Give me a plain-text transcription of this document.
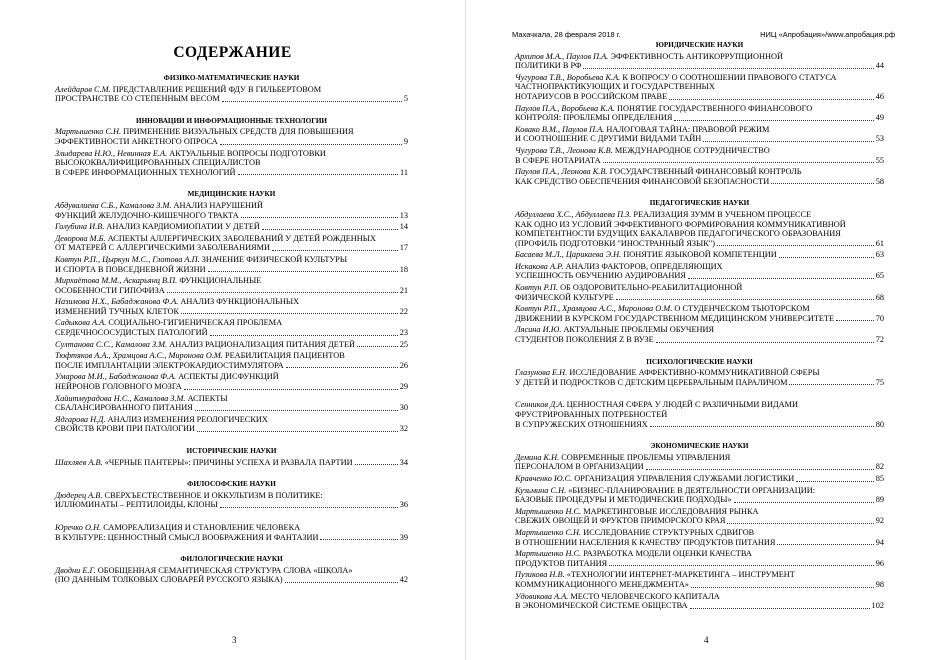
СОДЕРЖАНИЕ
ФИЗИКО-МАТЕМАТИЧЕСКИЕ НАУКИ
Алейдаров С.М. ПРЕДСТАВЛЕНИЕ РЕШЕНИЙ ФДУ В ГИЛЬБЕРТОВОМ
ПРОСТРАНСТВЕ СО СТЕПЕННЫМ ВЕСОМ	5
ИННОВАЦИИ И ИНФОРМАЦИОННЫЕ ТЕХНОЛОГИИ
Мартышенко С.Н. ПРИМЕНЕНИЕ ВИЗУАЛЬНЫХ СРЕДСТВ ДЛЯ ПОВЫШЕНИЯ
ЭФФЕКТИВНОСТИ АНКЕТНОГО ОПРОСА	9
Злыдарева Н.Ю., Невинная Е.А. АКТУАЛЬНЫЕ ВОПРОСЫ ПОДГОТОВКИ
ВЫСОКОКВАЛИФИЦИРОВАННЫХ СПЕЦИАЛИСТОВ
В СФЕРЕ ИНФОРМАЦИОННЫХ ТЕХНОЛОГИЙ	11
МЕДИЦИНСКИЕ НАУКИ
Абдувалиева С.Б., Камалова З.М. АНАЛИЗ НАРУШЕНИЙ
ФУНКЦИЙ ЖЕЛУДОЧНО-КИШЕЧНОГО ТРАКТА	13
Голубина И.В. АНАЛИЗ КАРДИОМИОПАТИИ У ДЕТЕЙ	14
Деворова М.Б. АСПЕКТЫ АЛЛЕРГИЧЕСКИХ ЗАБОЛЕВАНИЙ У ДЕТЕЙ РОЖДЕННЫХ
ОТ МАТЕРЕЙ С АЛЛЕРГИЧЕСКИМИ ЗАБОЛЕВАНИЯМИ	17
Ковтун Р.П., Цыркун М.С., Глотова А.П. ЗНАЧЕНИЕ ФИЗИЧЕСКОЙ КУЛЬТУРЫ
И СПОРТА В ПОВСЕДНЕВНОЙ ЖИЗНИ	18
Мирхаётова М.М., Аскарьянц В.П. ФУНКЦИОНАЛЬНЫЕ
ОСОБЕННОСТИ ГИПОФИЗА	21
Назимова Н.Х., Бабаджанова Ф.А. АНАЛИЗ ФУНКЦИОНАЛЬНЫХ
ИЗМЕНЕНИЙ ТУЧНЫХ КЛЕТОК	22
Садыкова А.А. СОЦИАЛЬНО-ГИГИЕНИЧЕСКАЯ ПРОБЛЕМА
СЕРДЕЧНОСОСУДИСТЫХ ПАТОЛОГИЙ	23
Султанова С.С., Камалова З.М. АНАЛИЗ РАЦИОНАЛИЗАЦИЯ ПИТАНИЯ ДЕТЕЙ	25
Тюфтяков А.А., Храмцова А.С., Миронова О.М. РЕАБИЛИТАЦИЯ ПАЦИЕНТОВ
ПОСЛЕ ИМПЛАНТАЦИИ ЭЛЕКТРОКАРДИОСТИМУЛЯТОРА	26
Умарова М.И., Бабаджанова Ф.А. АСПЕКТЫ ДИСФУНКЦИЙ
НЕЙРОНОВ ГОЛОВНОГО МОЗГА	29
Хайитмурадова Н.С., Камалова З.М. АСПЕКТЫ
СБАЛАНСИРОВАННОГО ПИТАНИЯ	30
Ядгарова Н.Д. АНАЛИЗ ИЗМЕНЕНИЯ РЕОЛОГИЧЕСКИХ
СВОЙСТВ КРОВИ ПРИ ПАТОЛОГИИ	32
ИСТОРИЧЕСКИЕ НАУКИ
Шахляев А.В. «ЧЕРНЫЕ ПАНТЕРЫ»: ПРИЧИНЫ УСПЕХА И РАЗВАЛА ПАРТИИ	34
ФИЛОСОФСКИЕ НАУКИ
Дюдерец А.В. СВЕРХЪЕСТЕСТВЕННОЕ И ОККУЛЬТИЗМ В ПОЛИТИКЕ:
ИЛЛЮМИНАТЫ – РЕПТИЛОИДЫ, КЛОНЫ	36
Юречко О.Н. САМОРЕАЛИЗАЦИЯ И СТАНОВЛЕНИЕ ЧЕЛОВЕКА
В КУЛЬТУРЕ: ЦЕННОСТНЫЙ СМЫСЛ ВООБРАЖЕНИЯ И ФАНТАЗИИ	39
ФИЛОЛОГИЧЕСКИЕ НАУКИ
Дводни Е.Г. ОБОБЩЕННАЯ СЕМАНТИЧЕСКАЯ СТРУКТУРА СЛОВА «ШКОЛА»
(ПО ДАННЫМ ТОЛКОВЫХ СЛОВАРЕЙ РУССКОГО ЯЗЫКА)	42
3
Махачкала, 28 февраля 2018 г.	НИЦ «Апробация»/www.апробация.рф
ЮРИДИЧЕСКИЕ НАУКИ
Архипов М.А., Паулов П.А. ЭФФЕКТИВНОСТЬ АНТИКОРРУПЦИОННОЙ
ПОЛИТИКИ В РФ	44
Чугурова Т.В., Воробьева К.А. К ВОПРОСУ О СООТНОШЕНИИ ПРАВОВОГО СТАТУСА
ЧАСТНОПРАКТИКУЮЩИХ И ГОСУДАРСТВЕННЫХ
НОТАРИУСОВ В РОССИЙСКОМ ПРАВЕ	46
Паулов П.А., Воробьева К.А. ПОНЯТИЕ ГОСУДАРСТВЕННОГО ФИНАНСОВОГО
КОНТРОЛЯ: ПРОБЛЕМЫ ОПРЕДЕЛЕНИЯ	49
Ковако В.М., Паулов П.А. НАЛОГОВАЯ ТАЙНА: ПРАВОВОЙ РЕЖИМ
И СООТНОШЕНИЕ С ДРУГИМИ ВИДАМИ ТАЙН	53
Чугурова Т.В., Леонова К.В. МЕЖДУНАРОДНОЕ СОТРУДНИЧЕСТВО
В СФЕРЕ НОТАРИАТА	55
Паулов П.А., Леонова К.В. ГОСУДАРСТВЕННЫЙ ФИНАНСОВЫЙ КОНТРОЛЬ
КАК СРЕДСТВО ОБЕСПЕЧЕНИЯ ФИНАНСОВОЙ БЕЗОПАСНОСТИ	58
ПЕДАГОГИЧЕСКИЕ НАУКИ
Абдуллаева Х.С., Абдуллаева П.З. РЕАЛИЗАЦИЯ ЗУММ В УЧЕБНОМ ПРОЦЕССЕ
КАК ОДНО ИЗ УСЛОВИЙ ЭФФЕКТИВНОГО ФОРМИРОВАНИЯ КОММУНИКАТИВНОЙ
КОМПЕТЕНТНОСТИ БУДУЩИХ БАКАЛАВРОВ ПЕДАГОГИЧЕСКОГО ОБРАЗОВАНИЯ
(ПРОФИЛЬ ПОДГОТОВКИ "ИНОСТРАННЫЙ ЯЗЫК")	61
Басаева М.Л., Царикаева Э.Н. ПОНЯТИЕ ЯЗЫКОВОЙ КОМПЕТЕНЦИИ	63
Искакова А.Р. АНАЛИЗ ФАКТОРОВ, ОПРЕДЕЛЯЮЩИХ
УСПЕШНОСТЬ ОБУЧЕНИЮ АУДИРОВАНИЯ	65
Ковтун Р.П. ОБ ОЗДОРОВИТЕЛЬНО-РЕАБИЛИТАЦИОННОЙ
ФИЗИЧЕСКОЙ КУЛЬТУРЕ	68
Ковтун Р.П., Храмцова А.С., Миронова О.М. О СТУДЕНЧЕСКОМ ТЬЮТОРСКОМ
ДВИЖЕНИИ В КУРСКОМ ГОСУДАРСТВЕННОМ МЕДИЦИНСКОМ УНИВЕРСИТЕТЕ	70
Лясина И.Ю. АКТУАЛЬНЫЕ ПРОБЛЕМЫ ОБУЧЕНИЯ
СТУДЕНТОВ ПОКОЛЕНИЯ Z В ВУЗЕ	72
ПСИХОЛОГИЧЕСКИЕ НАУКИ
Глазунова Е.Н. ИССЛЕДОВАНИЕ АФФЕКТИВНО-КОММУНИКАТИВНОЙ СФЕРЫ
У ДЕТЕЙ И ПОДРОСТКОВ С ДЕТСКИМ ЦЕРЕБРАЛЬНЫМ ПАРАЛИЧОМ	75
Сенников Д.А. ЦЕННОСТНАЯ СФЕРА У ЛЮДЕЙ С РАЗЛИЧНЫМИ ВИДАМИ
ФРУСТРИРОВАННЫХ ПОТРЕБНОСТЕЙ
В СУПРУЖЕСКИХ ОТНОШЕНИЯХ	80
ЭКОНОМИЧЕСКИЕ НАУКИ
Демина К.Н. СОВРЕМЕННЫЕ ПРОБЛЕМЫ УПРАВЛЕНИЯ
ПЕРСОНАЛОМ В ОРГАНИЗАЦИИ	82
Кравченко Ю.С. ОРГАНИЗАЦИЯ УПРАВЛЕНИЯ СЛУЖБАМИ ЛОГИСТИКИ	85
Кузьмина С.Н. «БИЗНЕС-ПЛАНИРОВАНИЕ В ДЕЯТЕЛЬНОСТИ ОРГАНИЗАЦИИ:
БАЗОВЫЕ ПРОЦЕДУРЫ И МЕТОДИЧЕСКИЕ ПОДХОДЫ»	89
Мартышенко Н.С. МАРКЕТИНГОВЫЕ ИССЛЕДОВАНИЯ РЫНКА
СВЕЖИХ ОВОЩЕЙ И ФРУКТОВ ПРИМОРСКОГО КРАЯ	92
Мартышенко С.Н. ИССЛЕДОВАНИЕ СТРУКТУРНЫХ СДВИГОВ
В ОТНОШЕНИИ НАСЕЛЕНИЯ К КАЧЕСТВУ ПРОДУКТОВ ПИТАНИЯ	94
Мартышенко Н.С. РАЗРАБОТКА МОДЕЛИ ОЦЕНКИ КАЧЕСТВА
ПРОДУКТОВ ПИТАНИЯ	96
Пузикова Н.В. «ТЕХНОЛОГИИ ИНТЕРНЕТ-МАРКЕТИНГА – ИНСТРУМЕНТ
КОММУНИКАЦИОННОГО МЕНЕДЖМЕНТА»	98
Удовикова А.А. МЕСТО ЧЕЛОВЕЧЕСКОГО КАПИТАЛА
В ЭКОНОМИЧЕСКОЙ СИСТЕМЕ ОБЩЕСТВА	102
4
